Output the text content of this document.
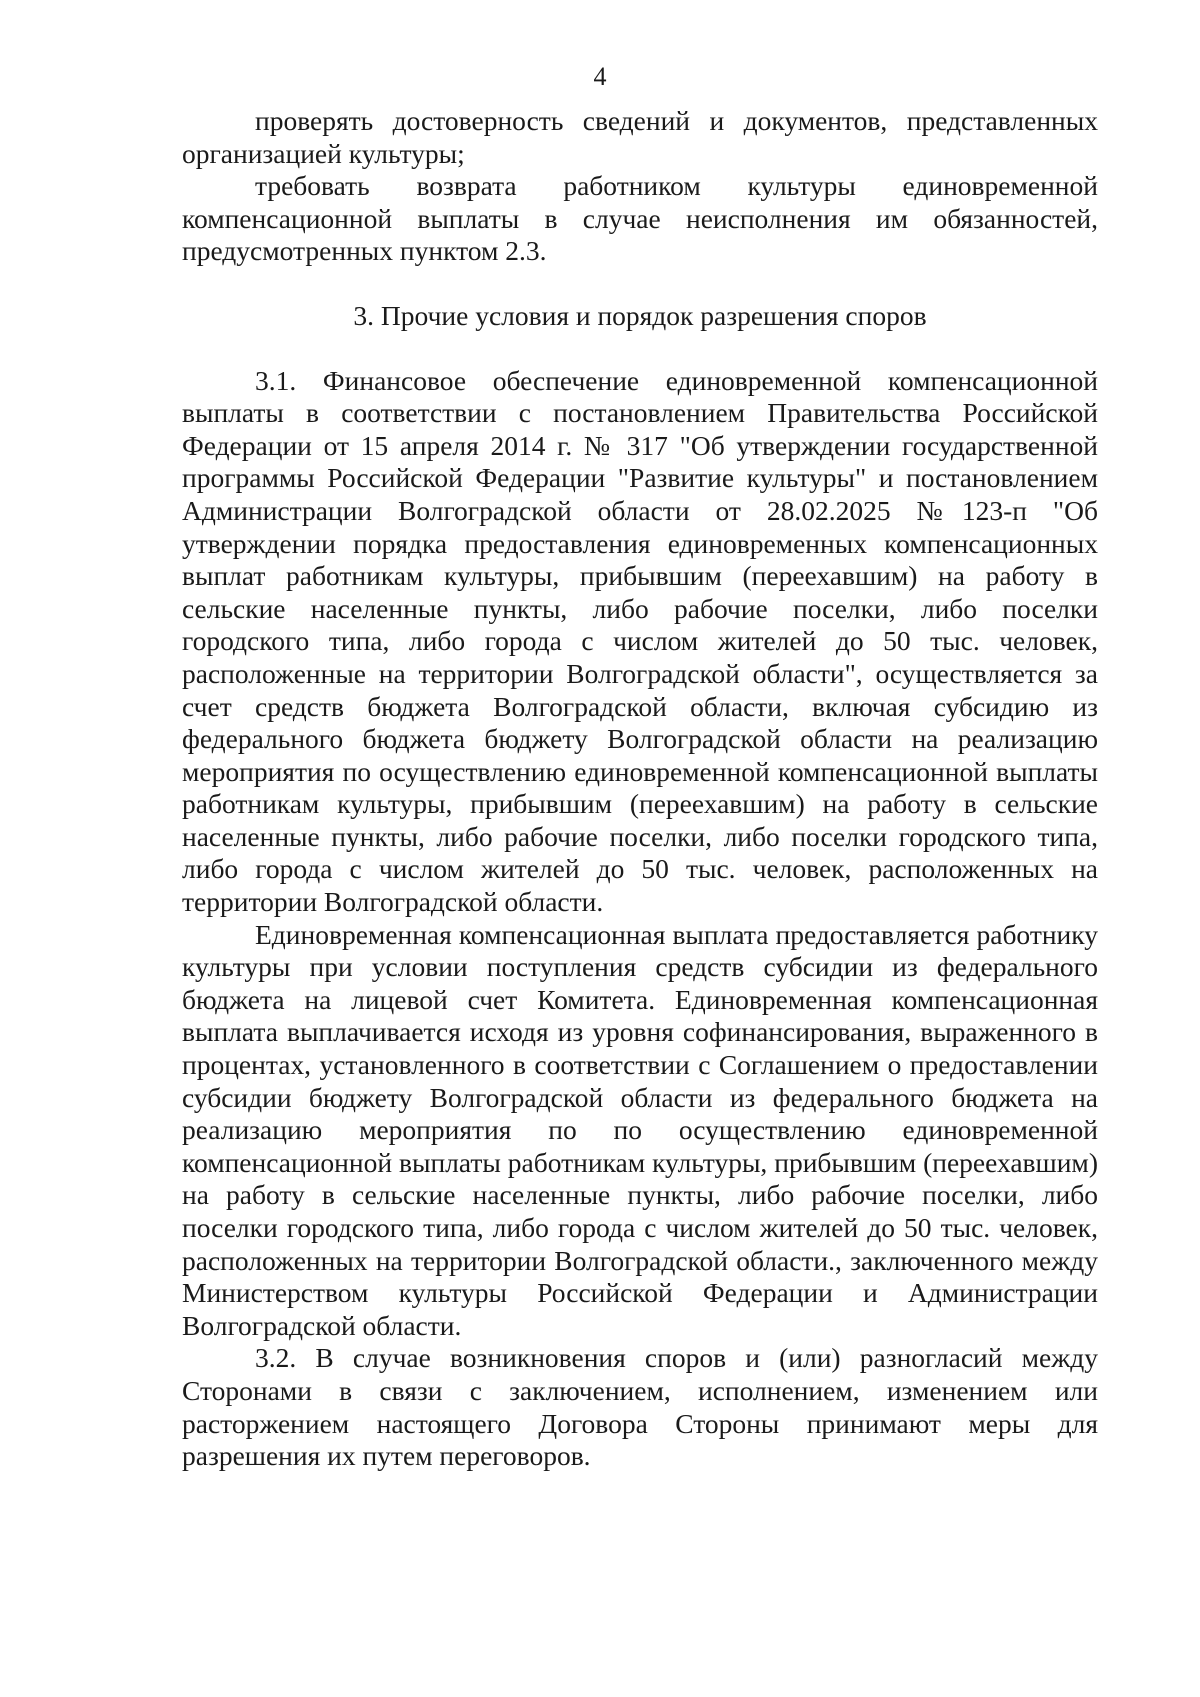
4

проверять достоверность сведений и документов, представленных организацией культуры;

требовать возврата работником культуры единовременной компенсационной выплаты в случае неисполнения им обязанностей, предусмотренных пунктом 2.3.

3. Прочие условия и порядок разрешения споров

3.1. Финансовое обеспечение единовременной компенсационной выплаты в соответствии с постановлением Правительства Российской Федерации от 15 апреля 2014 г. № 317 "Об утверждении государственной программы Российской Федерации "Развитие культуры" и постановлением Администрации Волгоградской области от 28.02.2025 №123-п "Об утверждении порядка предоставления единовременных компенсационных выплат работникам культуры, прибывшим (переехавшим) на работу в сельские населенные пункты, либо рабочие поселки, либо поселки городского типа, либо города с числом жителей до 50 тыс. человек, расположенные на территории Волгоградской области", осуществляется за счет средств бюджета Волгоградской области, включая субсидию из федерального бюджета бюджету Волгоградской области на реализацию мероприятия по осуществлению единовременной компенсационной выплаты работникам культуры, прибывшим (переехавшим) на работу в сельские населенные пункты, либо рабочие поселки, либо поселки городского типа, либо города с числом жителей до 50 тыс. человек, расположенных на территории Волгоградской области.

Единовременная компенсационная выплата предоставляется работнику культуры при условии поступления средств субсидии из федерального бюджета на лицевой счет Комитета. Единовременная компенсационная выплата выплачивается исходя из уровня софинансирования, выраженного в процентах, установленного в соответствии с Соглашением о предоставлении субсидии бюджету Волгоградской области из федерального бюджета на реализацию мероприятия по по осуществлению единовременной компенсационной выплаты работникам культуры, прибывшим (переехавшим) на работу в сельские населенные пункты, либо рабочие поселки, либо поселки городского типа, либо города с числом жителей до 50 тыс. человек, расположенных на территории Волгоградской области., заключенного между Министерством культуры Российской Федерации и Администрации Волгоградской области.

3.2. В случае возникновения споров и (или) разногласий между Сторонами в связи с заключением, исполнением, изменением или расторжением настоящего Договора Стороны принимают меры для разрешения их путем переговоров.
